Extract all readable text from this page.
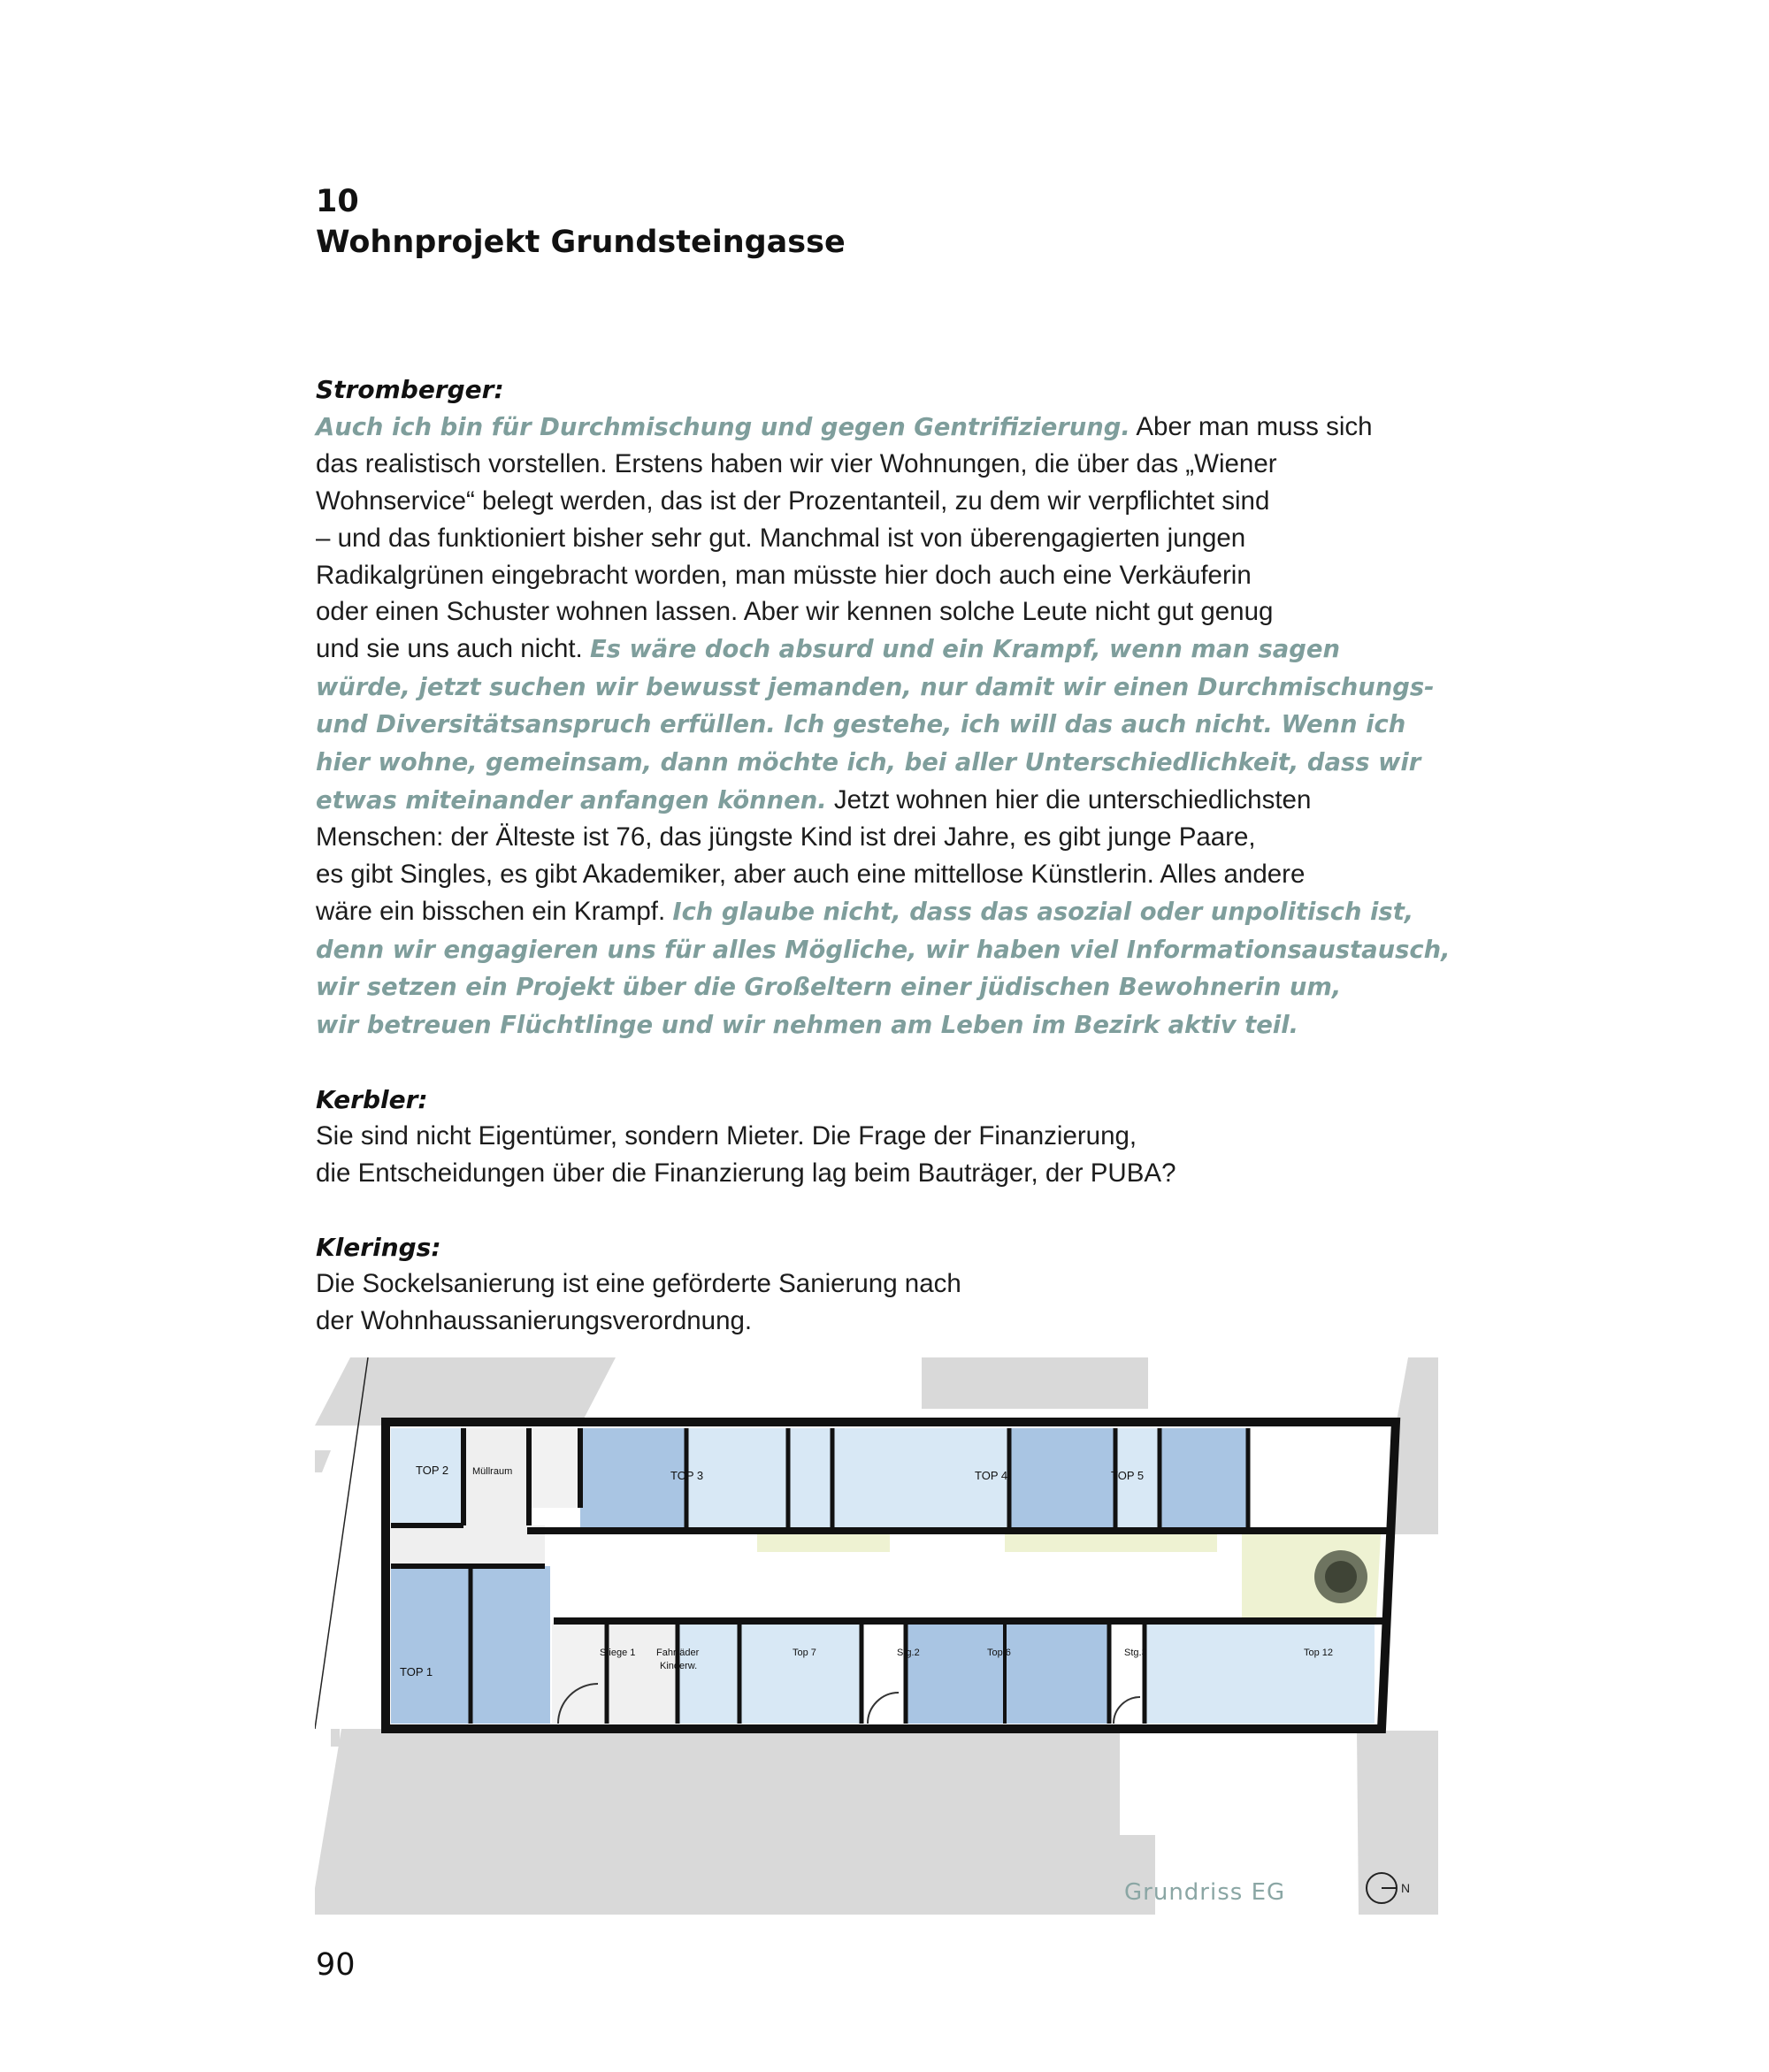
10
Wohnprojekt Grundsteingasse
Stromberger:
Auch ich bin für Durchmischung und gegen Gentrifizierung. Aber man muss sich
das realistisch vorstellen. Erstens haben wir vier Wohnungen, die über das „Wiener
Wohnservice“ belegt werden, das ist der Prozentanteil, zu dem wir verpflichtet sind
– und das funktioniert bisher sehr gut. Manchmal ist von überengagierten jungen
Radikalgrünen eingebracht worden, man müsste hier doch auch eine Verkäuferin
oder einen Schuster wohnen lassen. Aber wir kennen solche Leute nicht gut genug
und sie uns auch nicht. Es wäre doch absurd und ein Krampf, wenn man sagen
würde, jetzt suchen wir bewusst jemanden, nur damit wir einen Durchmischungs-
und Diversitätsanspruch erfüllen. Ich gestehe, ich will das auch nicht. Wenn ich
hier wohne, gemeinsam, dann möchte ich, bei aller Unterschiedlichkeit, dass wir
etwas miteinander anfangen können. Jetzt wohnen hier die unterschiedlichsten
Menschen: der Älteste ist 76, das jüngste Kind ist drei Jahre, es gibt junge Paare,
es gibt Singles, es gibt Akademiker, aber auch eine mittellose Künstlerin. Alles andere
wäre ein bisschen ein Krampf. Ich glaube nicht, dass das asozial oder unpolitisch ist,
denn wir engagieren uns für alles Mögliche, wir haben viel Informationsaustausch,
wir setzen ein Projekt über die Großeltern einer jüdischen Bewohnerin um,
wir betreuen Flüchtlinge und wir nehmen am Leben im Bezirk aktiv teil.
Kerbler:
Sie sind nicht Eigentümer, sondern Mieter. Die Frage der Finanzierung,
die Entscheidungen über die Finanzierung lag beim Bauträger, der PUBA?
Klerings:
Die Sockelsanierung ist eine geförderte Sanierung nach
der Wohnhaussanierungsverordnung.
TOP 2 Müllraum	TOP 3	TOP 4	TOP 5
TOP 1
Stiege 1 Fahrräder
Kinderw.
Top 7	Stg.2	Top 6	Stg.3	Top 12
Grundriss EG	N
90
